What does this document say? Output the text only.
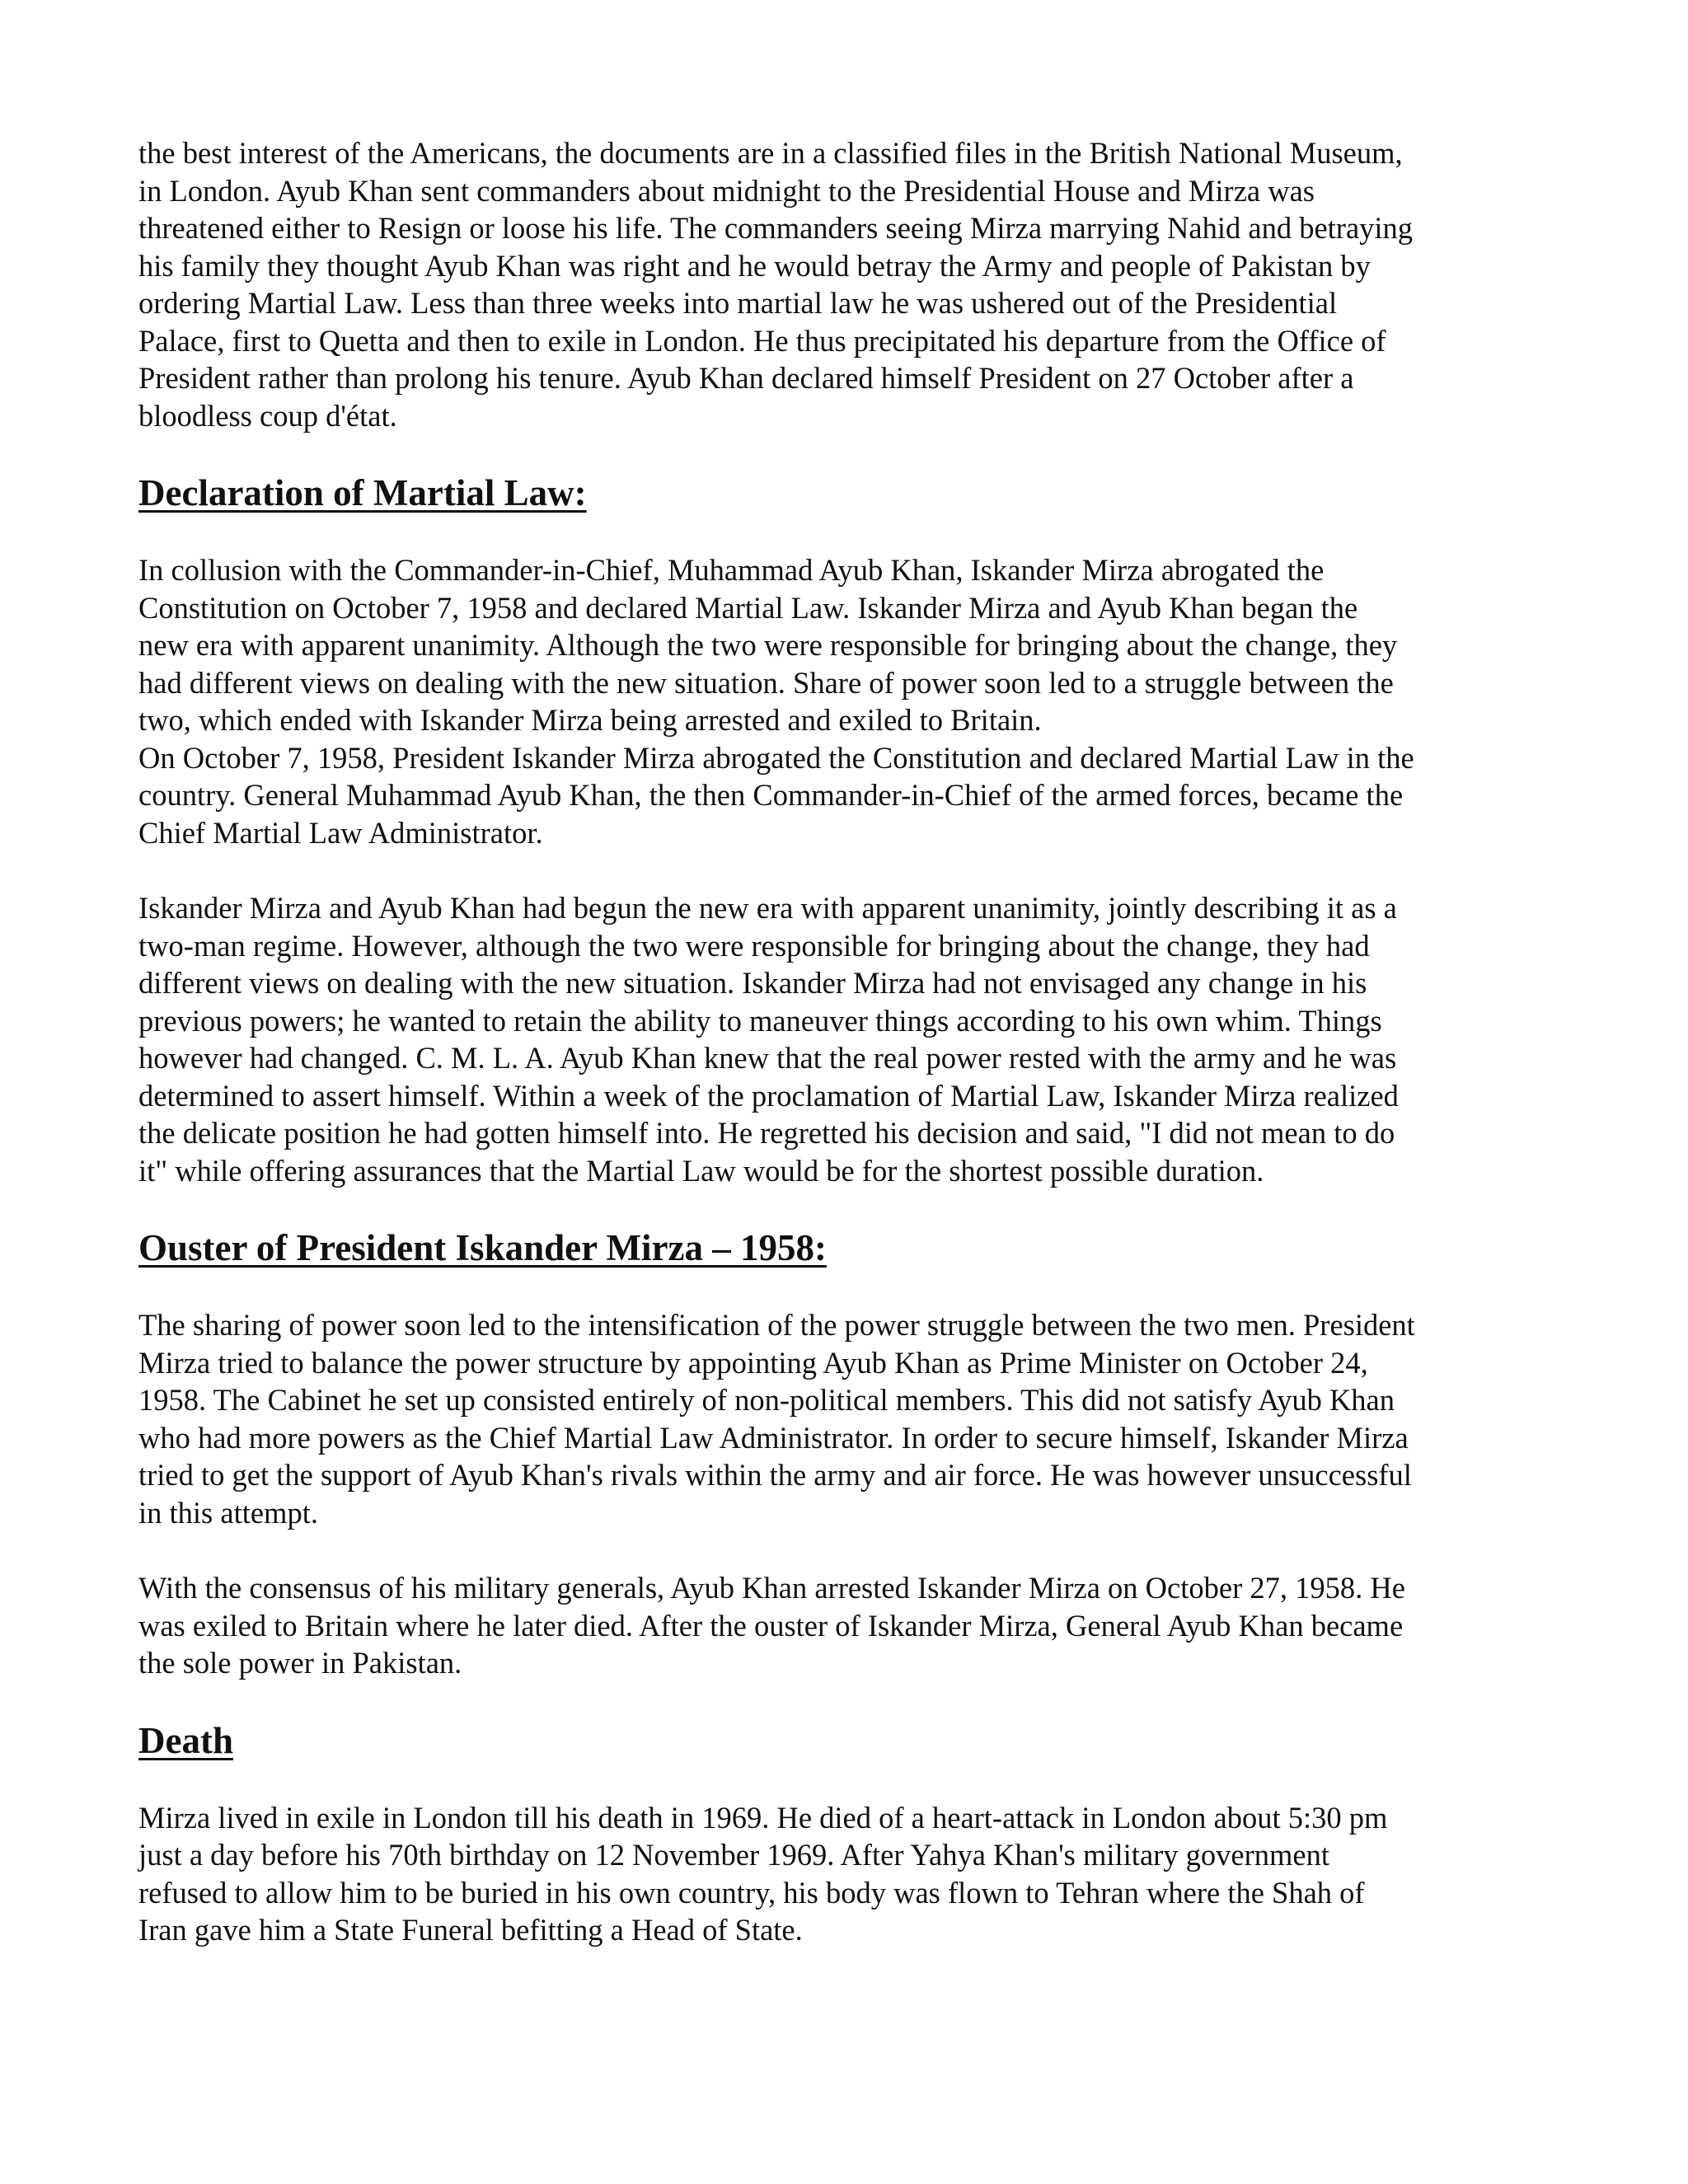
the best interest of the Americans, the documents are in a classified files in the British National Museum,
in London. Ayub Khan sent commanders about midnight to the Presidential House and Mirza was
threatened either to Resign or loose his life. The commanders seeing Mirza marrying Nahid and betraying
his family they thought Ayub Khan was right and he would betray the Army and people of Pakistan by
ordering Martial Law. Less than three weeks into martial law he was ushered out of the Presidential
Palace, first to Quetta and then to exile in London. He thus precipitated his departure from the Office of
President rather than prolong his tenure. Ayub Khan declared himself President on 27 October after a
bloodless coup d'état.

Declaration of Martial Law:

In collusion with the Commander-in-Chief, Muhammad Ayub Khan, Iskander Mirza abrogated the
Constitution on October 7, 1958 and declared Martial Law. Iskander Mirza and Ayub Khan began the
new era with apparent unanimity. Although the two were responsible for bringing about the change, they
had different views on dealing with the new situation. Share of power soon led to a struggle between the
two, which ended with Iskander Mirza being arrested and exiled to Britain.
On October 7, 1958, President Iskander Mirza abrogated the Constitution and declared Martial Law in the
country. General Muhammad Ayub Khan, the then Commander-in-Chief of the armed forces, became the
Chief Martial Law Administrator.

Iskander Mirza and Ayub Khan had begun the new era with apparent unanimity, jointly describing it as a
two-man regime. However, although the two were responsible for bringing about the change, they had
different views on dealing with the new situation. Iskander Mirza had not envisaged any change in his
previous powers; he wanted to retain the ability to maneuver things according to his own whim. Things
however had changed. C. M. L. A. Ayub Khan knew that the real power rested with the army and he was
determined to assert himself. Within a week of the proclamation of Martial Law, Iskander Mirza realized
the delicate position he had gotten himself into. He regretted his decision and said, "I did not mean to do
it" while offering assurances that the Martial Law would be for the shortest possible duration.

Ouster of President Iskander Mirza – 1958:

The sharing of power soon led to the intensification of the power struggle between the two men. President
Mirza tried to balance the power structure by appointing Ayub Khan as Prime Minister on October 24,
1958. The Cabinet he set up consisted entirely of non-political members. This did not satisfy Ayub Khan
who had more powers as the Chief Martial Law Administrator. In order to secure himself, Iskander Mirza
tried to get the support of Ayub Khan's rivals within the army and air force. He was however unsuccessful
in this attempt.

With the consensus of his military generals, Ayub Khan arrested Iskander Mirza on October 27, 1958. He
was exiled to Britain where he later died. After the ouster of Iskander Mirza, General Ayub Khan became
the sole power in Pakistan.

Death

Mirza lived in exile in London till his death in 1969. He died of a heart-attack in London about 5:30 pm
just a day before his 70th birthday on 12 November 1969. After Yahya Khan's military government
refused to allow him to be buried in his own country, his body was flown to Tehran where the Shah of
Iran gave him a State Funeral befitting a Head of State.
